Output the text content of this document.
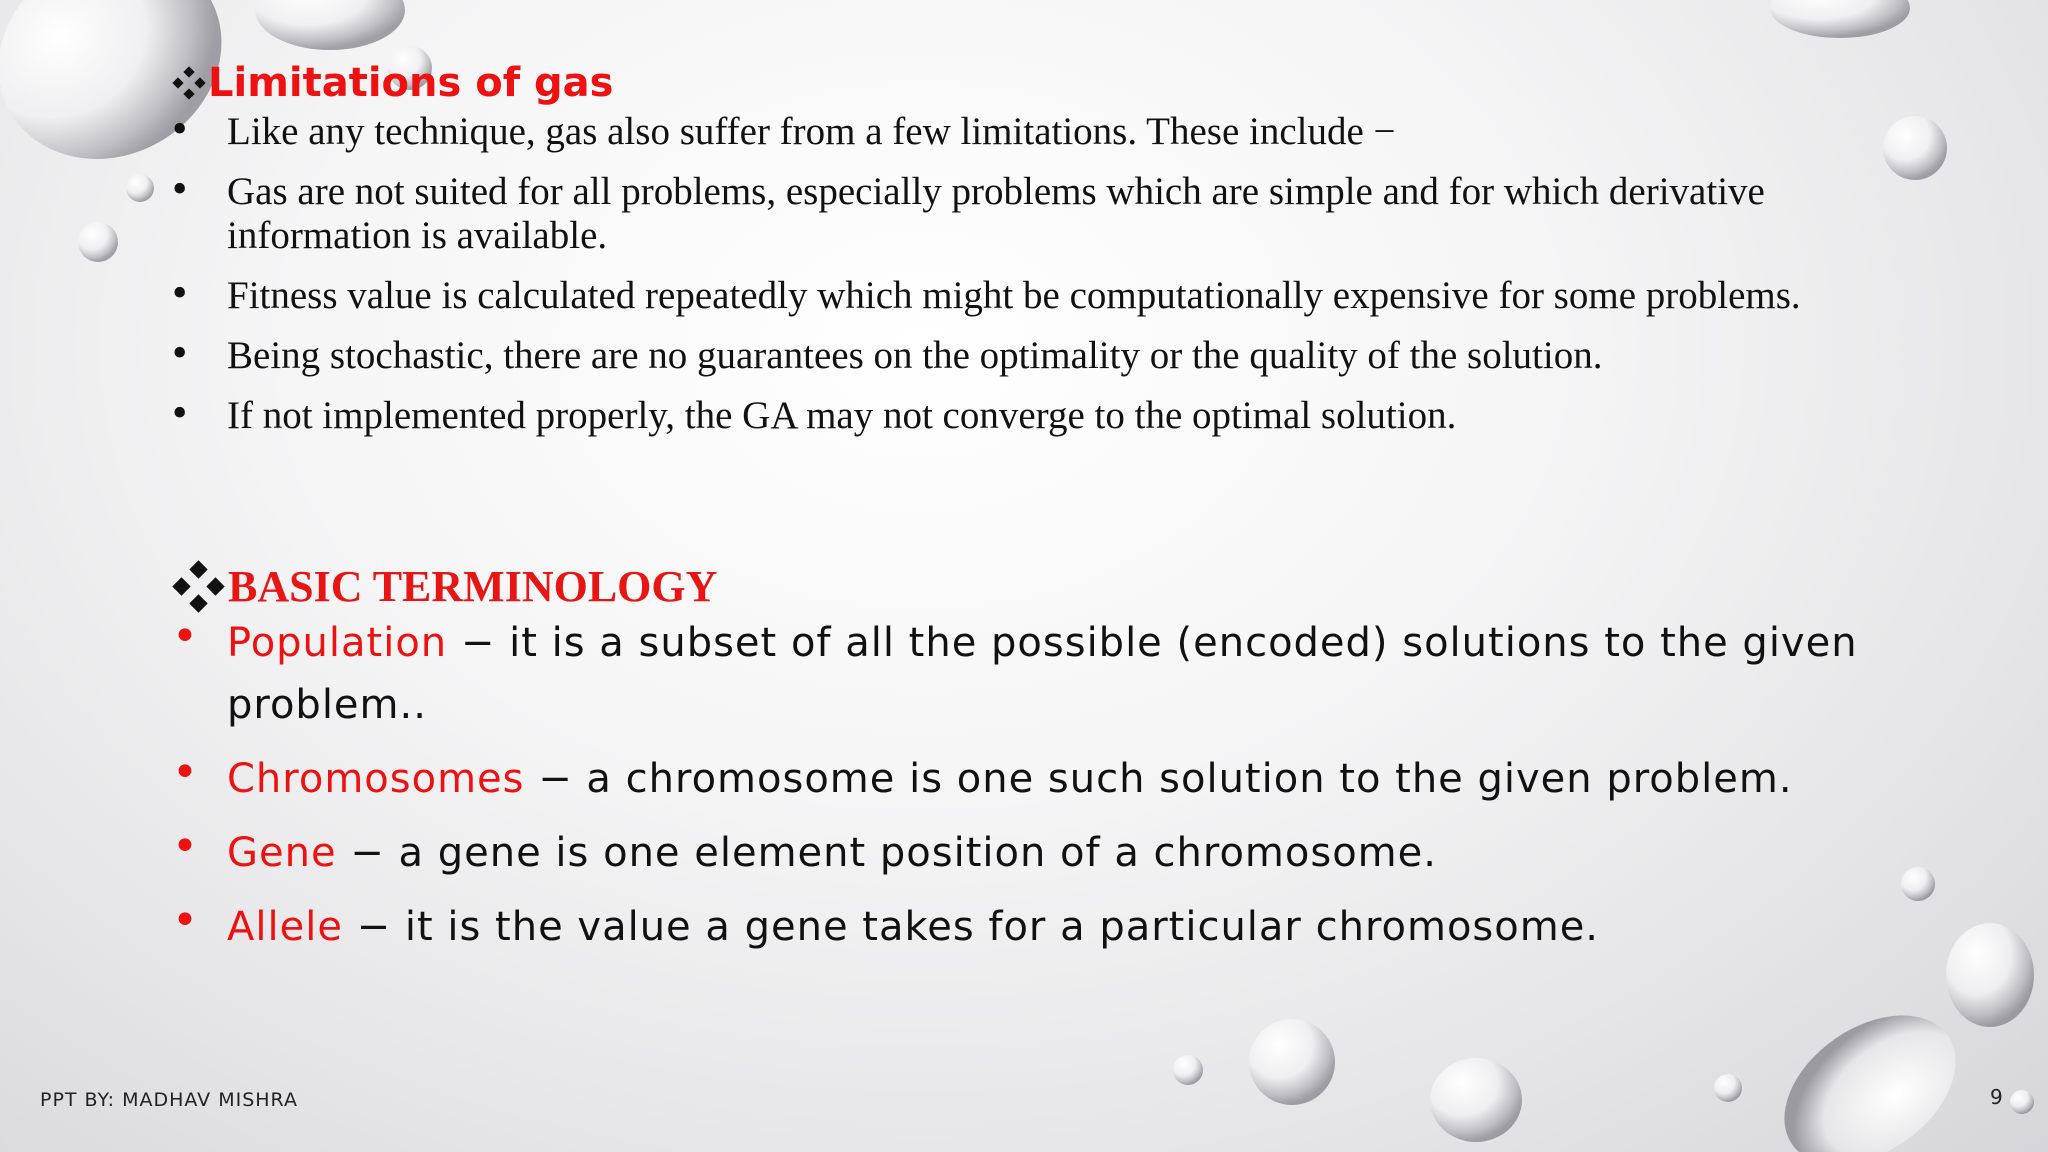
Limitations of gas
• Like any technique, gas also suffer from a few limitations. These include −
• Gas are not suited for all problems, especially problems which are simple and for which derivative information is available.
• Fitness value is calculated repeatedly which might be computationally expensive for some problems.
• Being stochastic, there are no guarantees on the optimality or the quality of the solution.
• If not implemented properly, the GA may not converge to the optimal solution.
BASIC TERMINOLOGY
• Population − it is a subset of all the possible (encoded) solutions to the given problem..
• Chromosomes − a chromosome is one such solution to the given problem.
• Gene − a gene is one element position of a chromosome.
• Allele − it is the value a gene takes for a particular chromosome.
PPT BY: MADHAV MISHRA	9
